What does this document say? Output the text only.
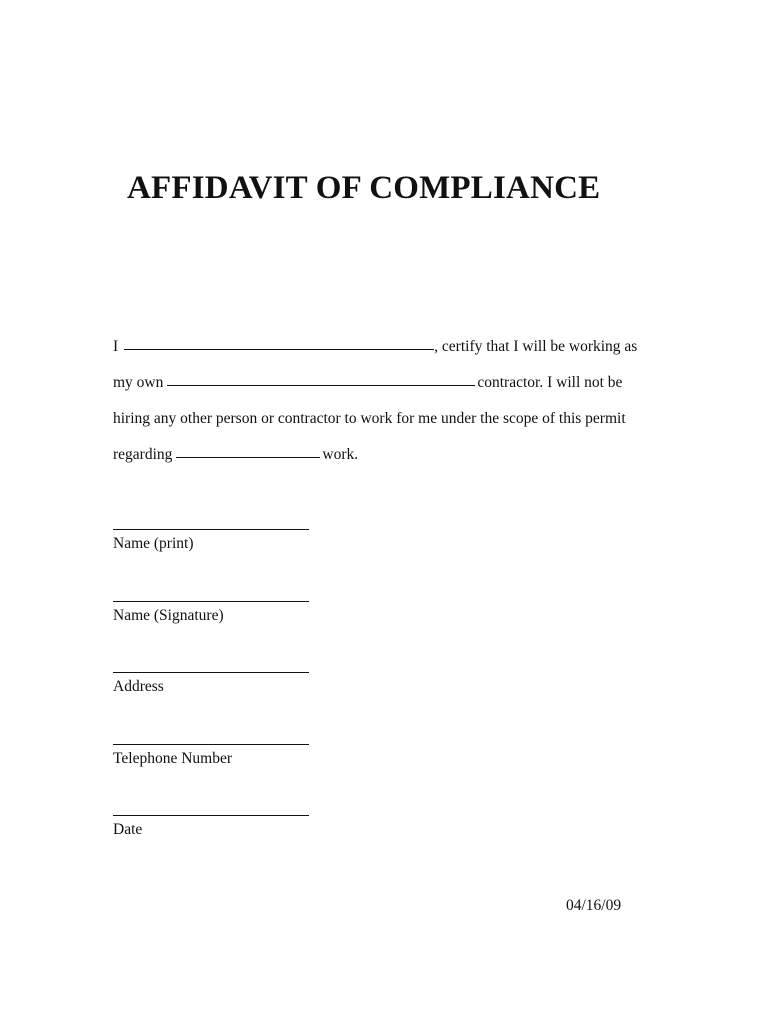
AFFIDAVIT OF COMPLIANCE
I	, certify that I will be working as
my own	contractor. I will not be
hiring any other person or contractor to work for me under the scope of this permit
regarding	work.
Name (print)
Name (Signature)
Address
Telephone Number
Date
04/16/09
